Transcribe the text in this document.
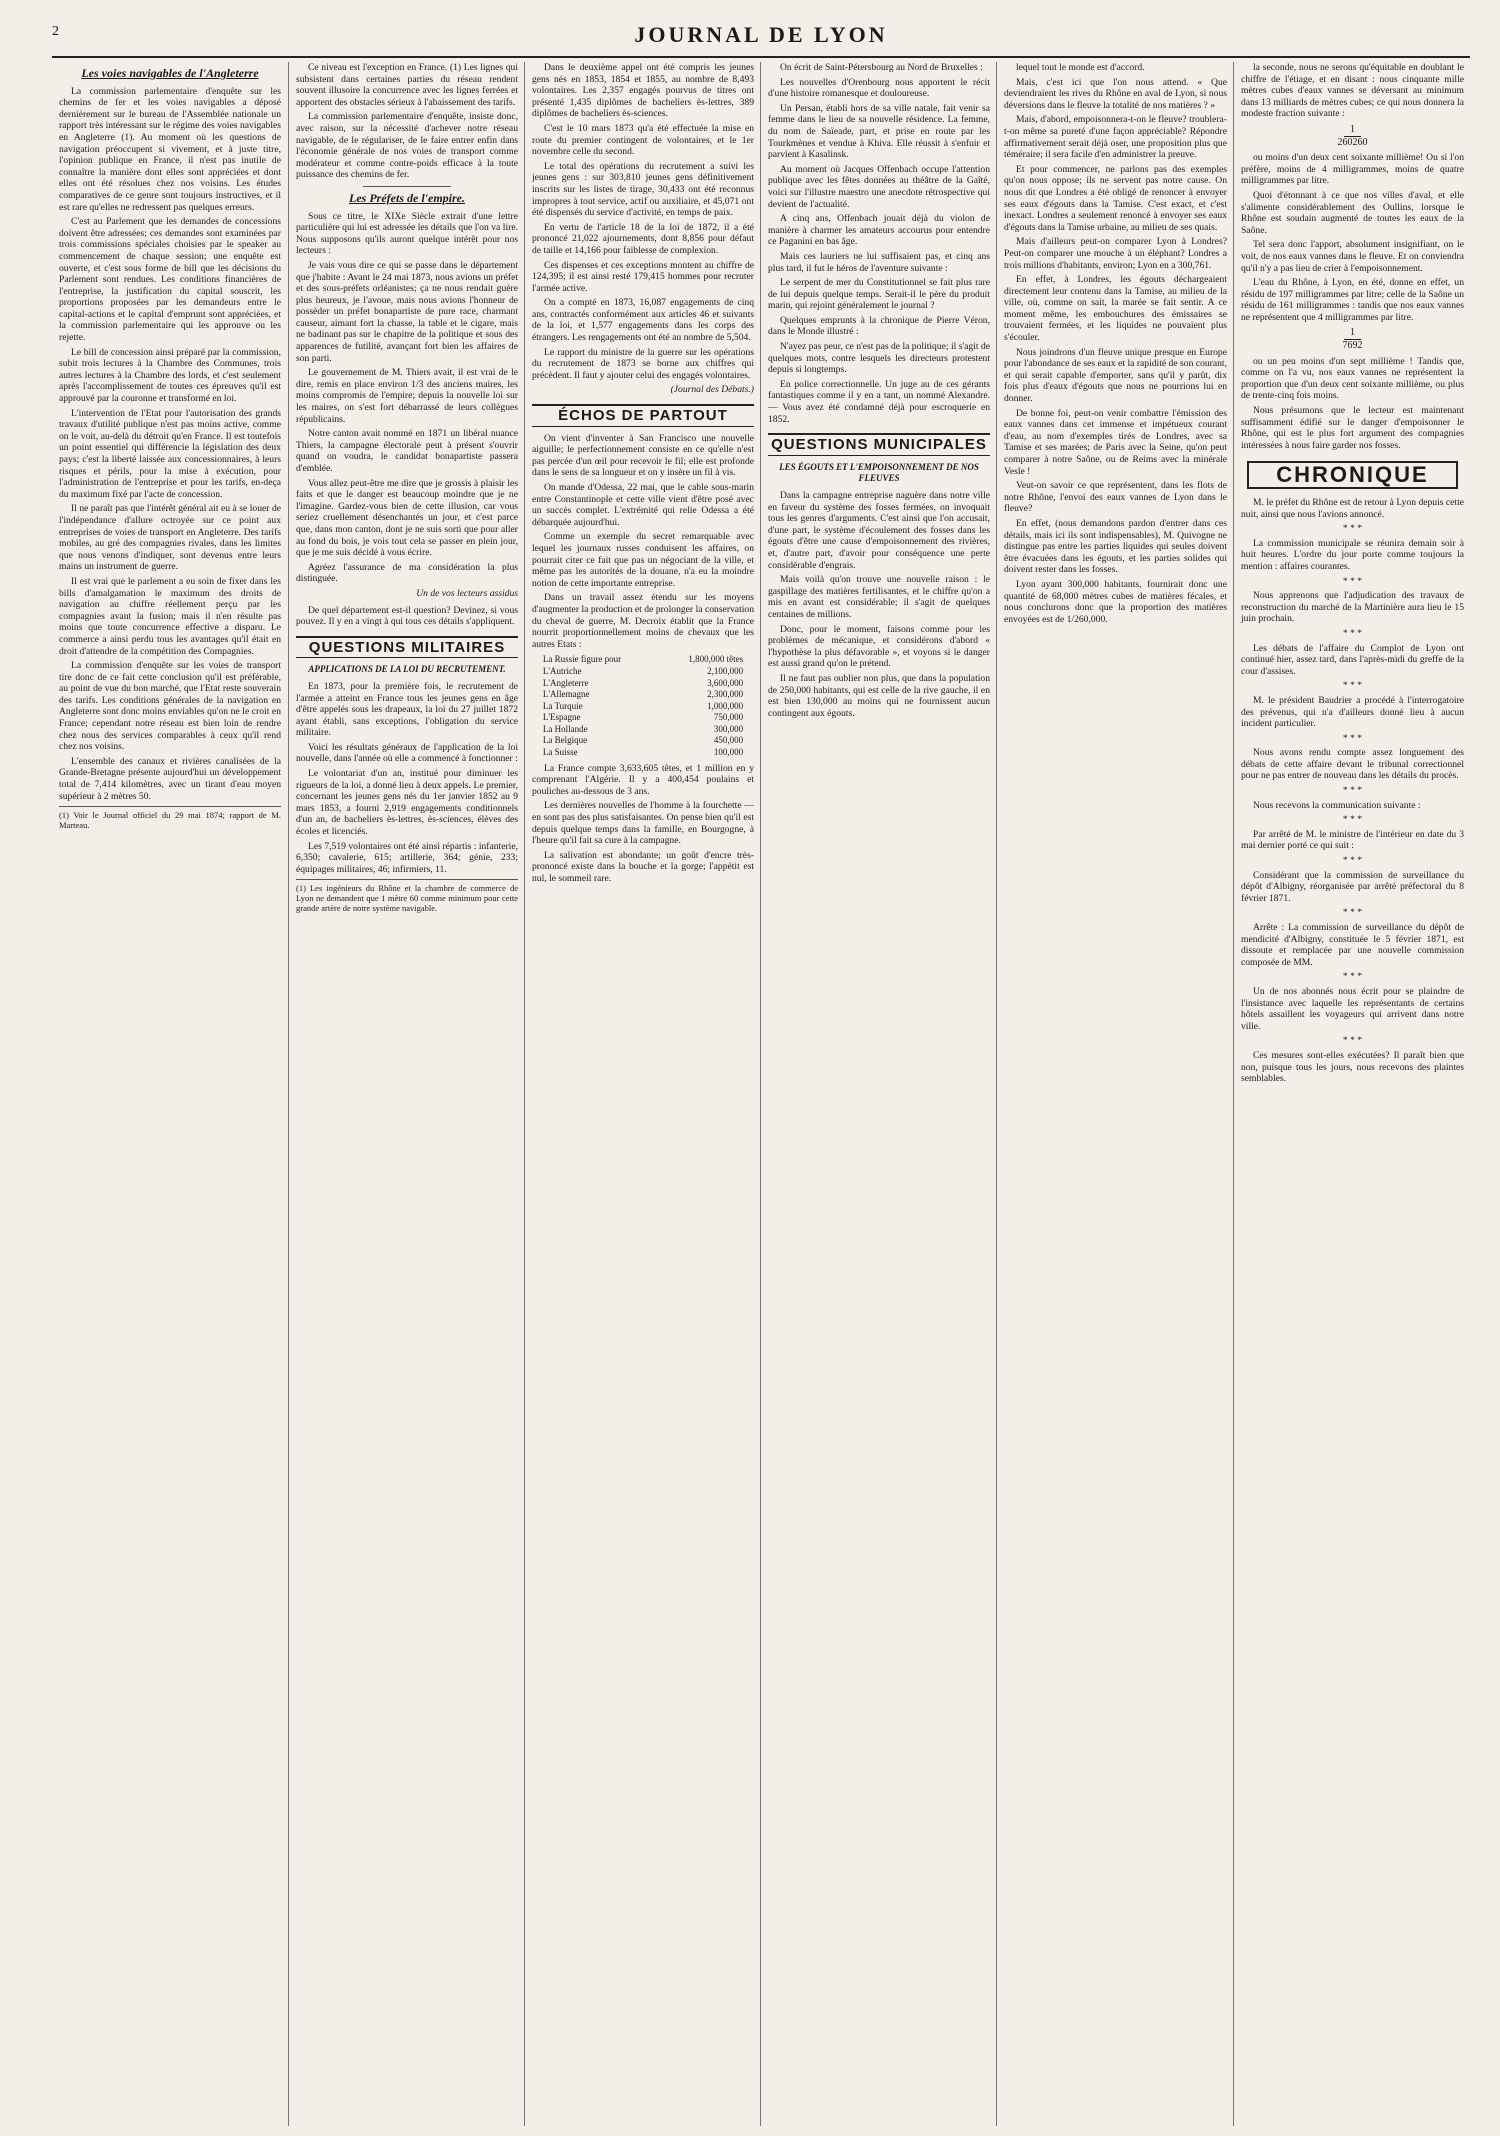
2	JOURNAL DE LYON
Les voies navigables de l'Angleterre

La commission parlementaire d'enquête sur les chemins de fer et les voies navigables a déposé dernièrement sur le bureau de l'Assemblée nationale un rapport très intéressant sur le régime des voies navigables en Angleterre (1). Au moment où les questions de navigation préoccupent si vivement, et à juste titre, l'opinion publique en France, il n'est pas inutile de connaître la manière dont elles sont appréciées et dont elles ont été résolues chez nos voisins. Les études comparatives de ce genre sont toujours instructives, et il est rare qu'elles ne redressent pas quelques erreurs.

C'est au Parlement que les demandes de concessions doivent être adressées; ces demandes sont examinées par trois commissions spéciales choisies par le speaker au commencement de chaque session; une enquête est ouverte, et c'est sous forme de bill que les décisions du Parlement sont rendues. Les conditions financières de l'entreprise, la justification du capital souscrit, les proportions proposées par les demandeurs entre le capital-actions et le capital d'emprunt sont appréciées, et la commission parlementaire qui les approuve ou les rejette.

Le bill de concession ainsi préparé par la commission, subit trois lectures à la Chambre des Communes, trois autres lectures à la Chambre des lords, et c'est seulement après l'accomplissement de toutes ces épreuves qu'il est approuvé par la couronne et transformé en loi.

L'intervention de l'Etat pour l'autorisation des grands travaux d'utilité publique n'est pas moins active, comme on le voit, au-delà du détroit qu'en France. Il est toutefois un point essentiel qui différencie la législation des deux pays; c'est la liberté laissée aux concessionnaires, à leurs risques et périls, pour la mise à exécution, pour l'administration de l'entreprise et pour les tarifs, en-deça du maximum fixé par l'acte de concession.

Il ne paraît pas que l'intérêt général ait eu à se louer de l'indépendance d'allure octroyée sur ce point aux entreprises de voies de transport en Angleterre. Des tarifs mobiles, au gré des compagnies rivales, dans les limites que nous venons d'indiquer, sont devenus entre leurs mains un instrument de guerre.

Il est vrai que le parlement a eu soin de fixer dans les bills d'amalgamation le maximum des droits de navigation au chiffre réellement perçu par les compagnies avant la fusion; mais il n'en résulte pas moins que toute concurrence effective a disparu. Le commerce a ainsi perdu tous les avantages qu'il était en droit d'attendre de la compétition des Compagnies.

La commission d'enquête sur les voies de transport tire donc de ce fait cette conclusion qu'il est préférable, au point de vue du bon marché, que l'Etat reste souverain des tarifs. Les conditions générales de la navigation en Angleterre sont donc moins enviables qu'on ne le croit en France; cependant notre réseau est bien loin de rendre chez nous des services comparables à ceux qu'il rend chez nos voisins.

L'ensemble des canaux et rivières canalisées de la Grande-Bretagne présente aujourd'hui un développement total de 7,414 kilomètres, avec un tirant d'eau moyen supérieur à 2 mètres 50.

(1) Voir le Journal officiel du 29 mai 1874; rapport de M. Marteau.

Ce niveau est l'exception en France. (1) Les lignes qui subsistent dans certaines parties du réseau rendent souvent illusoire la concurrence avec les lignes ferrées et apportent des obstacles sérieux à l'abaissement des tarifs.

La commission parlementaire d'enquête, insiste donc, avec raison, sur la nécessité d'achever notre réseau navigable, de le régulariser, de le faire entrer enfin dans l'économie générale de nos voies de transport comme modérateur et comme contre-poids efficace à la toute puissance des chemins de fer.

Les Préfets de l'empire.

Sous ce titre, le XIXe Siècle extrait d'une lettre particulière qui lui est adressée les détails que l'on va lire. Nous supposons qu'ils auront quelque intérêt pour nos lecteurs :

Je vais vous dire ce qui se passe dans le département que j'habite : Avant le 24 mai 1873, nous avions un préfet et des sous-préfets orléanistes; ça ne nous rendait guère plus heureux, je l'avoue, mais nous avions l'honneur de posséder un préfet bonapartiste de pure race, charmant causeur, aimant fort la chasse, la table et le cigare, mais ne badinant pas sur le chapitre de la politique et sous des apparences de futilité, avançant fort bien les affaires de son parti.

Le gouvernement de M. Thiers avait, il est vrai de le dire, remis en place environ 1/3 des anciens maires, les moins compromis de l'empire; depuis la nouvelle loi sur les maires, on s'est fort débarrassé de leurs collègues républicains.

Notre canton avait nommé en 1871 un libéral nuance Thiers, la campagne électorale peut à présent s'ouvrir quand on voudra, le candidat bonapartiste passera d'emblée.

Vous allez peut-être me dire que je grossis à plaisir les faits et que le danger est beaucoup moindre que je ne l'imagine. Gardez-vous bien de cette illusion, car vous seriez cruellement désenchantés un jour, et c'est parce que, dans mon canton, dont je ne suis sorti que pour aller au fond du bois, je vois tout cela se passer en plein jour, que je me suis décidé à vous écrire.

Agréez l'assurance de ma considération la plus distinguée.

Un de vos lecteurs assidus

De quel département est-il question? Devinez, si vous pouvez. Il y en a vingt à qui tous ces détails s'appliquent.

QUESTIONS MILITAIRES
APPLICATIONS DE LA LOI DU RECRUTEMENT.

En 1873, pour la première fois, le recrutement de l'armée a atteint en France tous les jeunes gens en âge d'être appelés sous les drapeaux, la loi du 27 juillet 1872 ayant établi, sans exceptions, l'obligation du service militaire.

Voici les résultats généraux de l'application de la loi nouvelle, dans l'année où elle a commencé à fonctionner :

Le volontariat d'un an, institué pour diminuer les rigueurs de la loi, a donné lieu à deux appels. Le premier, concernant les jeunes gens nés du 1er janvier 1852 au 9 mars 1853, a fourni 2,919 engagements conditionnels d'un an, de bacheliers ès-lettres, ès-sciences, élèves des écoles et licenciés.

Les 7,519 volontaires ont été ainsi répartis : infanterie, 6,350; cavalerie, 615; artillerie, 364; génie, 233; équipages militaires, 46; infirmiers, 11.

(1) Les ingénieurs du Rhône et la chambre de commerce de Lyon ne demandent que 1 mètre 60 comme minimum pour cette grande artère de notre système navigable.

Dans le deuxième appel ont été compris les jeunes gens nés en 1853, 1854 et 1855, au nombre de 8,493 volontaires. Les 2,357 engagés pourvus de titres ont présenté 1,435 diplômes de bacheliers ès-lettres, 389 diplômes de bacheliers ès-sciences.

C'est le 10 mars 1873 qu'a été effectuée la mise en route du premier contingent de volontaires, et le 1er novembre celle du second.

Le total des opérations du recrutement a suivi les jeunes gens : sur 303,810 jeunes gens définitivement inscrits sur les listes de tirage, 30,433 ont été reconnus impropres à tout service, actif ou auxiliaire, et 45,071 ont été dispensés du service d'activité, en temps de paix.

En vertu de l'article 18 de la loi de 1872, il a été prononcé 21,022 ajournements, dont 8,856 pour défaut de taille et 14,166 pour faiblesse de complexion.

Ces dispenses et ces exceptions montent au chiffre de 124,395; il est ainsi resté 179,415 hommes pour recruter l'armée active.

On a compté en 1873, 16,087 engagements de cinq ans, contractés conformément aux articles 46 et suivants de la loi, et 1,577 engagements dans les corps des étrangers. Les rengagements ont été au nombre de 5,504.

Le rapport du ministre de la guerre sur les opérations du recrutement de 1873 se borne aux chiffres qui précèdent. Il faut y ajouter celui des engagés volontaires.

(Journal des Débats.)
ÉCHOS DE PARTOUT

On vient d'inventer à San Francisco une nouvelle aiguille; le perfectionnement consiste en ce qu'elle n'est pas percée d'un œil pour recevoir le fil; elle est profonde dans le sens de sa longueur et on y insère un fil à vis.

On mande d'Odessa, 22 mai, que le cable sous-marin entre Constantinople et cette ville vient d'être posé avec un succès complet. L'extrémité qui relie Odessa a été débarquée aujourd'hui.

Comme un exemple du secret remarquable avec lequel les journaux russes conduisent les affaires, on pourrait citer ce fait que pas un négociant de la ville, et même pas les autorités de la douane, n'a eu la moindre notion de cette importante entreprise.

Dans un travail assez étendu sur les moyens d'augmenter la production et de prolonger la conservation du cheval de guerre, M. Decroix établit que la France nourrit proportionnellement moins de chevaux que les autres Etats :

La Russie figure pour	1,800,000 têtes
L'Autriche	2,100,000
L'Angleterre	3,600,000
L'Allemagne	2,300,000
La Turquie	1,000,000
L'Espagne	750,000
La Hollande	300,000
La Belgique	450,000
La Suisse	100,000

La France compte 3,633,605 têtes, et 1 million en y comprenant l'Algérie. Il y a 400,454 poulains et pouliches au-dessous de 3 ans.

Les dernières nouvelles de l'homme à la fourchette — en sont pas des plus satisfaisantes. On pense bien qu'il est depuis quelque temps dans la famille, en Bourgogne, à l'heure qu'il fait sa cure à la campagne.

La salivation est abondante; un goût d'encre très-prononcé existe dans la bouche et la gorge; l'appétit est nul, le sommeil rare.

On écrit de Saint-Pétersbourg au Nord de Bruxelles :

Les nouvelles d'Orenbourg nous apportent le récit d'une histoire romanesque et douloureuse.

Un Persan, établi hors de sa ville natale, fait venir sa femme dans le lieu de sa nouvelle résidence. La femme, du nom de Saïeade, part, et prise en route par les Tourkmènes et vendue à Khiva. Elle réussit à s'enfuir et parvient à Kasalinsk.

Au moment où Jacques Offenbach occupe l'attention publique avec les fêtes données au théâtre de la Gaîté, voici sur l'illustre maestro une anecdote rétrospective qui devient de l'actualité.

A cinq ans, Offenbach jouait déjà du violon de manière à charmer les amateurs accourus pour entendre ce Paganini en bas âge.

Mais ces lauriers ne lui suffisaient pas, et cinq ans plus tard, il fut le héros de l'aventure suivante :

Le serpent de mer du Constitutionnel se fait plus rare de lui depuis quelque temps. Serait-il le père du produit marin, qui rejoint généralement le journal ?

Quelques emprunts à la chronique de Pierre Véron, dans le Monde illustré :

N'ayez pas peur, ce n'est pas de la politique; il s'agit de quelques mots, contre lesquels les directeurs protestent depuis si longtemps.

En police correctionnelle. Un juge au de ces gérants fantastiques comme il y en a tant, un nommé Alexandre. — Vous avez été condamné déjà pour escroquerie en 1852.

QUESTIONS MUNICIPALES
LES ÉGOUTS ET L'EMPOISONNEMENT DE NOS FLEUVES

Dans la campagne entreprise naguère dans notre ville en faveur du système des fosses fermées, on invoquait tous les genres d'arguments. C'est ainsi que l'on accusait, d'une part, le système d'écoulement des fosses dans les égouts d'être une cause d'empoisonnement des rivières, et, d'autre part, d'avoir pour conséquence une perte considérable d'engrais.

Mais voilà qu'on trouve une nouvelle raison : le gaspillage des matières fertilisantes, et le chiffre qu'on a mis en avant est considérable; il s'agit de quelques centaines de millions.

Donc, pour le moment, faisons comme pour les problèmes de mécanique, et considérons d'abord « l'hypothèse la plus défavorable », et voyons si le danger est aussi grand qu'on le prétend.

Il ne faut pas oublier non plus, que dans la population de 250,000 habitants, qui est celle de la rive gauche, il en est bien 130,000 au moins qui ne fournissent aucun contingent aux égouts.

lequel tout le monde est d'accord.

Mais, c'est ici que l'on nous attend. « Que deviendraient les rives du Rhône en aval de Lyon, si nous déversions dans le fleuve la totalité de nos matières ? »

Mais, d'abord, empoisonnera-t-on le fleuve? troublera-t-on même sa pureté d'une façon appréciable? Répondre affirmativement serait déjà oser, une proposition plus que téméraire; il sera facile d'en administrer la preuve.

Et pour commencer, ne parlons pas des exemples qu'on nous oppose; ils ne servent pas notre cause. On nous dit que Londres a été obligé de renoncer à envoyer ses eaux d'égouts dans la Tamise. C'est exact, et c'est inexact. Londres a seulement renoncé à envoyer ses eaux d'égouts dans la Tamise urbaine, au milieu de ses quais.

Mais d'ailleurs peut-on comparer Lyon à Londres? Peut-on comparer une mouche à un éléphant? Londres a trois millions d'habitants, environ; Lyon en a 300,761.

En effet, à Londres, les égouts déchargeaient directement leur contenu dans la Tamise, au milieu de la ville, où, comme on sait, la marée se fait sentir. A ce moment même, les embouchures des émissaires se trouvaient fermées, et les liquides ne pouvaient plus s'écouler.

Nous joindrons d'un fleuve unique presque en Europe pour l'abondance de ses eaux et la rapidité de son courant, et qui serait capable d'emporter, sans qu'il y parût, dix fois plus d'eaux d'égouts que nous ne pourrions lui en donner.

De bonne foi, peut-on venir combattre l'émission des eaux vannes dans cet immense et impétueux courant d'eau, au nom d'exemples tirés de Londres, avec sa Tamise et ses marées; de Paris avec la Seine, qu'on peut comparer à notre Saône, ou de Reims avec la minérale Vesle !

Veut-on savoir ce que représentent, dans les flots de notre Rhône, l'envoi des eaux vannes de Lyon dans le fleuve?

En effet, (nous demandons pardon d'entrer dans ces détails, mais ici ils sont indispensables), M. Quivogne ne distingue pas entre les parties liquides qui seules doivent être évacuées dans les égouts, et les parties solides qui doivent rester dans les fosses.

Lyon ayant 300,000 habitants, fournirait donc une quantité de 68,000 mètres cubes de matières fécales, et nous conclurons donc que la proportion des matières envoyées est de 1/260,000.

la seconde, nous ne serons qu'équitable en doublant le chiffre de l'étiage, et en disant : nous cinquante mille mètres cubes d'eaux vannes se déversant au minimum dans 13 milliards de mètres cubes; ce qui nous donnera la modeste fraction suivante :

1
260260

ou moins d'un deux cent soixante millième! Ou si l'on préfère, moins de 4 milligrammes, moins de quatre milligrammes par litre.

Quoi d'étonnant à ce que nos villes d'aval, et elle s'alimente considérablement des Oullins, lorsque le Rhône est soudain augmenté de toutes les eaux de la Saône.

Tel sera donc l'apport, absolument insignifiant, on le voit, de nos eaux vannes dans le fleuve. Et on conviendra qu'il n'y a pas lieu de crier à l'empoisonnement.

L'eau du Rhône, à Lyon, en été, donne en effet, un résidu de 197 milligrammes par litre; celle de la Saône un résidu de 161 milligrammes : tandis que nos eaux vannes ne représentent que 4 milligrammes par litre.

1
7692

ou un peu moins d'un sept millième ! Tandis que, comme on l'a vu, nos eaux vannes ne représentent la proportion que d'un deux cent soixante millième, ou plus de trente-cinq fois moins.

Nous présumons que le lecteur est maintenant suffisamment édifié sur le danger d'empoisonner le Rhône, qui est le plus fort argument des compagnies intéressées à nous faire garder nos fosses.

CHRONIQUE

M. le préfet du Rhône est de retour à Lyon depuis cette nuit, ainsi que nous l'avions annoncé.

* * *

La commission municipale se réunira demain soir à huit heures. L'ordre du jour porte comme toujours la mention : affaires courantes.

* * *

Nous apprenons que l'adjudication des travaux de reconstruction du marché de la Martinière aura lieu le 15 juin prochain.

* * *

Les débats de l'affaire du Complot de Lyon ont continué hier, assez tard, dans l'après-midi du greffe de la cour d'assises.

* * *

M. le président Baudrier a procédé à l'interrogatoire des prévenus, qui n'a d'ailleurs donné lieu à aucun incident particulier.

* * *

Nous avons rendu compte assez longuement des débats de cette affaire devant le tribunal correctionnel pour ne pas entrer de nouveau dans les détails du procès.

* * *

Nous recevons la communication suivante :

* * *

Par arrêté de M. le ministre de l'intérieur en date du 3 mai dernier porté ce qui suit :

* * *

Considérant que la commission de surveillance du dépôt d'Albigny, réorganisée par arrêté préfectoral du 8 février 1871.

* * *

Arrête : La commission de surveillance du dépôt de mendicité d'Albigny, constituée le 5 février 1871, est dissoute et remplacée par une nouvelle commission composée de MM.

* * *

Un de nos abonnés nous écrit pour se plaindre de l'insistance avec laquelle les représentants de certains hôtels assaillent les voyageurs qui arrivent dans notre ville.

* * *

Ces mesures sont-elles exécutées? Il paraît bien que non, puisque tous les jours, nous recevons des plaintes semblables.
